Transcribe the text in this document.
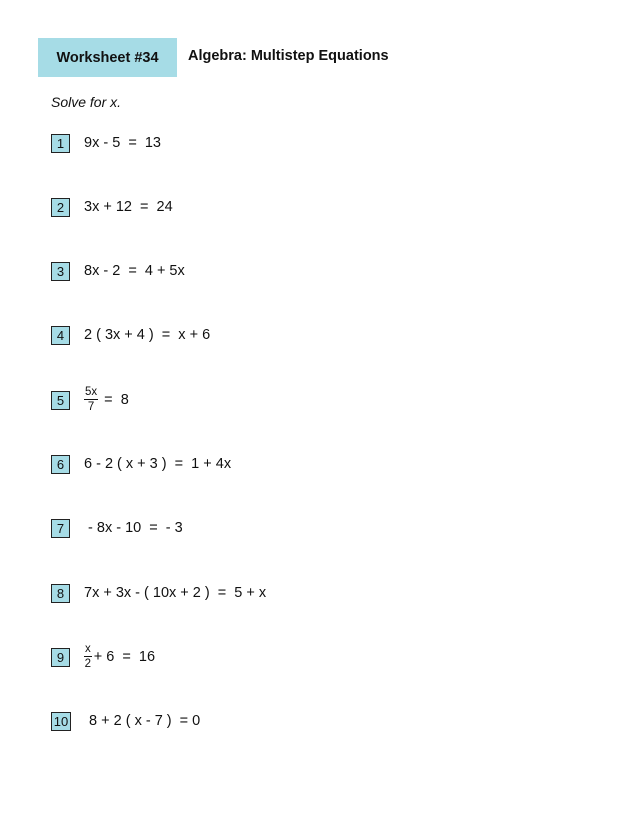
Worksheet #34 Algebra: Multistep Equations
Solve for x.
1	9x - 5  =  13
2	3x + 12  =  24
3	8x - 2  =  4 + 5x
4	2 ( 3x + 4 )  =  x + 6
5	$\frac{5x}{7} = 8$
6	6 - 2 ( x + 3 )  =  1 + 4x
7	- 8x - 10  =  - 3
8	7x + 3x - ( 10x + 2 )  =  5 + x
9	$\frac{x}{2} + 6 = 16$
10 8 + 2 ( x - 7 )  = 0
